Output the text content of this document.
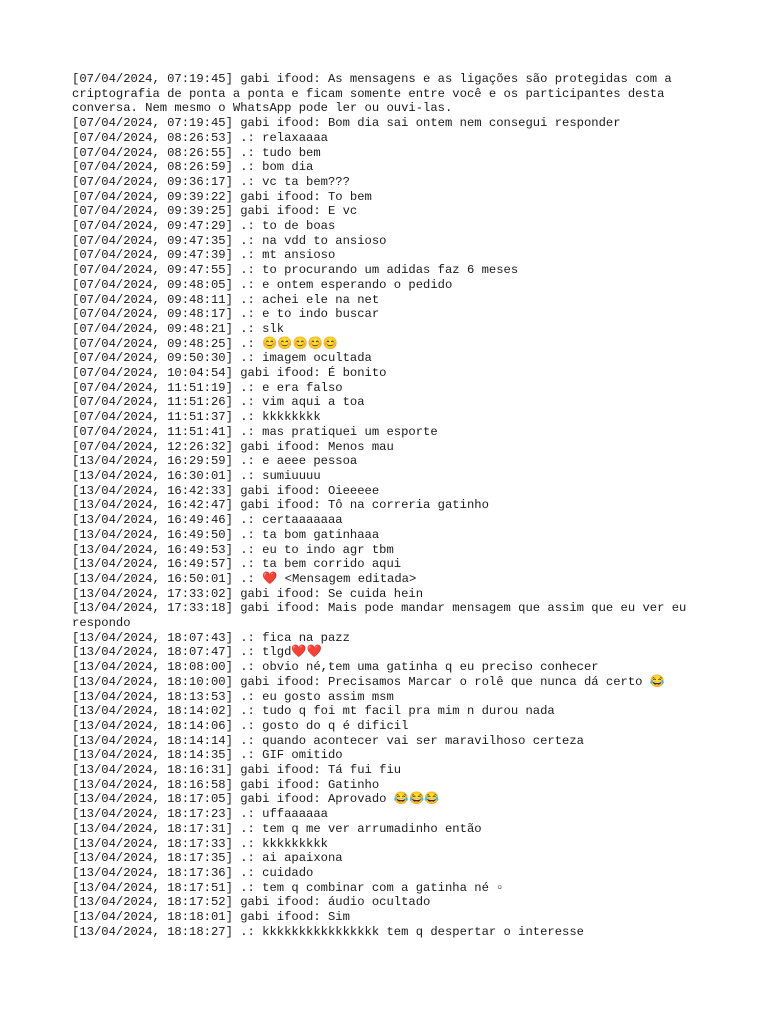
[07/04/2024, 07:19:45] gabi ifood: As mensagens e as ligações são protegidas com a criptografia de ponta a ponta e ficam somente entre você e os participantes desta conversa. Nem mesmo o WhatsApp pode ler ou ouvi-las.
[07/04/2024, 07:19:45] gabi ifood: Bom dia sai ontem nem consegui responder
[07/04/2024, 08:26:53] .: relaxaaaa
[07/04/2024, 08:26:55] .: tudo bem
[07/04/2024, 08:26:59] .: bom dia
[07/04/2024, 09:36:17] .: vc ta bem???
[07/04/2024, 09:39:22] gabi ifood: To bem
[07/04/2024, 09:39:25] gabi ifood: E vc
[07/04/2024, 09:47:29] .: to de boas
[07/04/2024, 09:47:35] .: na vdd to ansioso
[07/04/2024, 09:47:39] .: mt ansioso
[07/04/2024, 09:47:55] .: to procurando um adidas faz 6 meses
[07/04/2024, 09:48:05] .: e ontem esperando o pedido
[07/04/2024, 09:48:11] .: achei ele na net
[07/04/2024, 09:48:17] .: e to indo buscar
[07/04/2024, 09:48:21] .: slk
[07/04/2024, 09:48:25] .: 😊😊😊😊😊
[07/04/2024, 09:50:30] .: imagem ocultada
[07/04/2024, 10:04:54] gabi ifood: É bonito
[07/04/2024, 11:51:19] .: e era falso
[07/04/2024, 11:51:26] .: vim aqui a toa
[07/04/2024, 11:51:37] .: kkkkkkkk
[07/04/2024, 11:51:41] .: mas pratiquei um esporte
[07/04/2024, 12:26:32] gabi ifood: Menos mau
[13/04/2024, 16:29:59] .: e aeee pessoa
[13/04/2024, 16:30:01] .: sumiuuuu
[13/04/2024, 16:42:33] gabi ifood: Oieeeee
[13/04/2024, 16:42:47] gabi ifood: Tô na correria gatinho
[13/04/2024, 16:49:46] .: certaaaaaaa
[13/04/2024, 16:49:50] .: ta bom gatinhaaa
[13/04/2024, 16:49:53] .: eu to indo agr tbm
[13/04/2024, 16:49:57] .: ta bem corrido aqui
[13/04/2024, 16:50:01] .: ❤️ <Mensagem editada>
[13/04/2024, 17:33:02] gabi ifood: Se cuida hein
[13/04/2024, 17:33:18] gabi ifood: Mais pode mandar mensagem que assim que eu ver eu respondo
[13/04/2024, 18:07:43] .: fica na pazz
[13/04/2024, 18:07:47] .: tlgd❤️❤️
[13/04/2024, 18:08:00] .: obvio né,tem uma gatinha q eu preciso conhecer
[13/04/2024, 18:10:00] gabi ifood: Precisamos Marcar o rolê que nunca dá certo 😂
[13/04/2024, 18:13:53] .: eu gosto assim msm
[13/04/2024, 18:14:02] .: tudo q foi mt facil pra mim n durou nada
[13/04/2024, 18:14:06] .: gosto do q é dificil
[13/04/2024, 18:14:14] .: quando acontecer vai ser maravilhoso certeza
[13/04/2024, 18:14:35] .: GIF omitido
[13/04/2024, 18:16:31] gabi ifood: Tá fui fiu
[13/04/2024, 18:16:58] gabi ifood: Gatinho
[13/04/2024, 18:17:05] gabi ifood: Aprovado 😂😂😂
[13/04/2024, 18:17:23] .: uffaaaaaa
[13/04/2024, 18:17:31] .: tem q me ver arrumadinho então
[13/04/2024, 18:17:33] .: kkkkkkkkk
[13/04/2024, 18:17:35] .: ai apaixona
[13/04/2024, 18:17:36] .: cuidado
[13/04/2024, 18:17:51] .: tem q combinar com a gatinha né ▫
[13/04/2024, 18:17:52] gabi ifood: áudio ocultado
[13/04/2024, 18:18:01] gabi ifood: Sim
[13/04/2024, 18:18:27] .: kkkkkkkkkkkkkkkk tem q despertar o interesse
